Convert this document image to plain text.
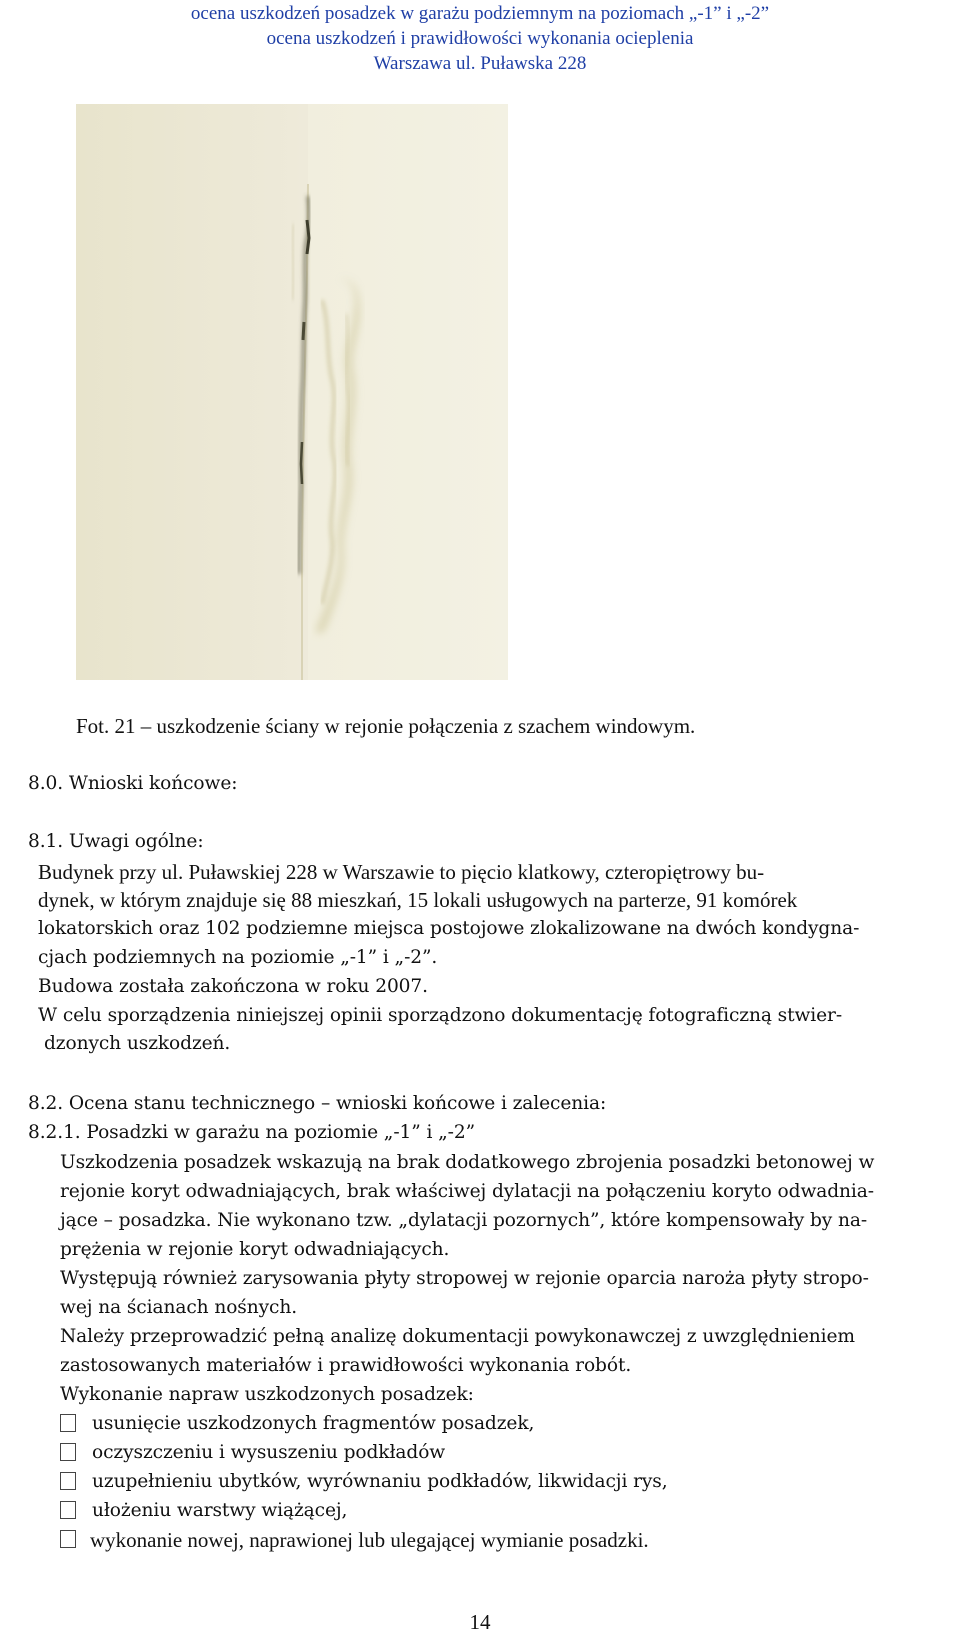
ocena uszkodzeń posadzek w garażu podziemnym na poziomach „-1” i „-2”
ocena uszkodzeń i prawidłowości wykonania ocieplenia
Warszawa ul. Puławska 228
Fot. 21 – uszkodzenie ściany w rejonie połączenia z szachem windowym.
8.0. Wnioski końcowe:
8.1. Uwagi ogólne:
Budynek przy ul. Puławskiej 228 w Warszawie to pięcio klatkowy, czteropiętrowy bu-
dynek, w którym znajduje się 88 mieszkań, 15 lokali usługowych na parterze, 91 komórek
lokatorskich oraz 102 podziemne miejsca postojowe zlokalizowane na dwóch kondygna-
cjach podziemnych na poziomie „-1” i „-2”.
Budowa została zakończona w roku 2007.
W celu sporządzenia niniejszej opinii sporządzono dokumentację fotograficzną stwier-
dzonych uszkodzeń.
8.2. Ocena stanu technicznego – wnioski końcowe i zalecenia:
8.2.1. Posadzki w garażu na poziomie „-1” i „-2”
Uszkodzenia posadzek wskazują na brak dodatkowego zbrojenia posadzki betonowej w
rejonie koryt odwadniających, brak właściwej dylatacji na połączeniu koryto odwadnia-
jące – posadzka. Nie wykonano tzw. „dylatacji pozornych”, które kompensowały by na-
prężenia w rejonie koryt odwadniających.
Występują również zarysowania płyty stropowej w rejonie oparcia naroża płyty stropo-
wej na ścianach nośnych.
Należy przeprowadzić pełną analizę dokumentacji powykonawczej z uwzględnieniem
zastosowanych materiałów i prawidłowości wykonania robót.
Wykonanie napraw uszkodzonych posadzek:
usunięcie uszkodzonych fragmentów posadzek,
oczyszczeniu i wysuszeniu podkładów
uzupełnieniu ubytków, wyrównaniu podkładów, likwidacji rys,
ułożeniu warstwy wiążącej,
wykonanie nowej, naprawionej lub ulegającej wymianie posadzki.
14
